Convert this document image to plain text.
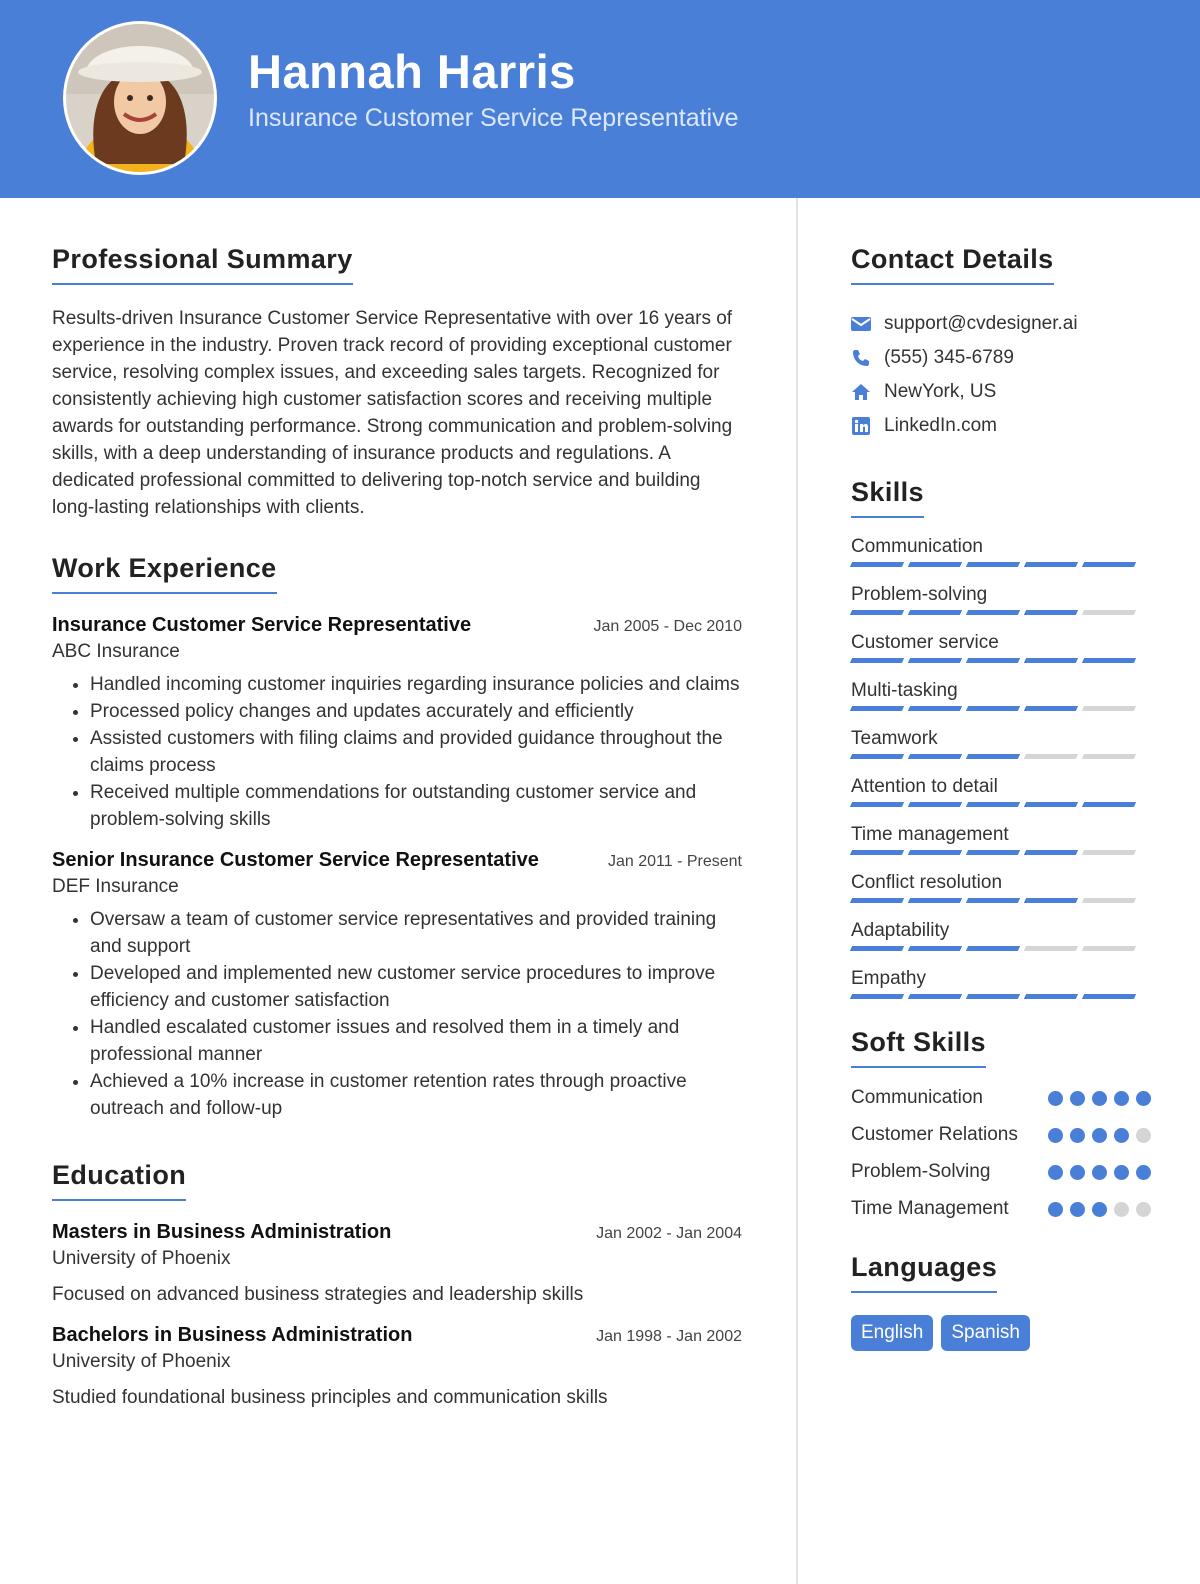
Hannah Harris
Insurance Customer Service Representative
Professional Summary

Results-driven Insurance Customer Service Representative with over 16 years of experience in the industry. Proven track record of providing exceptional customer service, resolving complex issues, and exceeding sales targets. Recognized for consistently achieving high customer satisfaction scores and receiving multiple awards for outstanding performance. Strong communication and problem-solving skills, with a deep understanding of insurance products and regulations. A dedicated professional committed to delivering top-notch service and building long-lasting relationships with clients.

Work Experience
Insurance Customer Service Representative	Jan 2005 - Dec 2010
ABC Insurance
• Handled incoming customer inquiries regarding insurance policies and claims
• Processed policy changes and updates accurately and efficiently
• Assisted customers with filing claims and provided guidance throughout the claims process
• Received multiple commendations for outstanding customer service and problem-solving skills
Senior Insurance Customer Service Representative	Jan 2011 - Present
DEF Insurance
• Oversaw a team of customer service representatives and provided training and support
• Developed and implemented new customer service procedures to improve efficiency and customer satisfaction
• Handled escalated customer issues and resolved them in a timely and professional manner
• Achieved a 10% increase in customer retention rates through proactive outreach and follow-up
Education
Masters in Business Administration	Jan 2002 - Jan 2004
University of Phoenix
Focused on advanced business strategies and leadership skills
Bachelors in Business Administration	Jan 1998 - Jan 2002
University of Phoenix
Studied foundational business principles and communication skills
Contact Details
support@cvdesigner.ai
(555) 345-6789
NewYork, US
LinkedIn.com
Skills
Communication
Problem-solving
Customer service
Multi-tasking
Teamwork
Attention to detail
Time management
Conflict resolution
Adaptability
Empathy
Soft Skills
Communication
Customer Relations
Problem-Solving
Time Management
Languages
English	Spanish
